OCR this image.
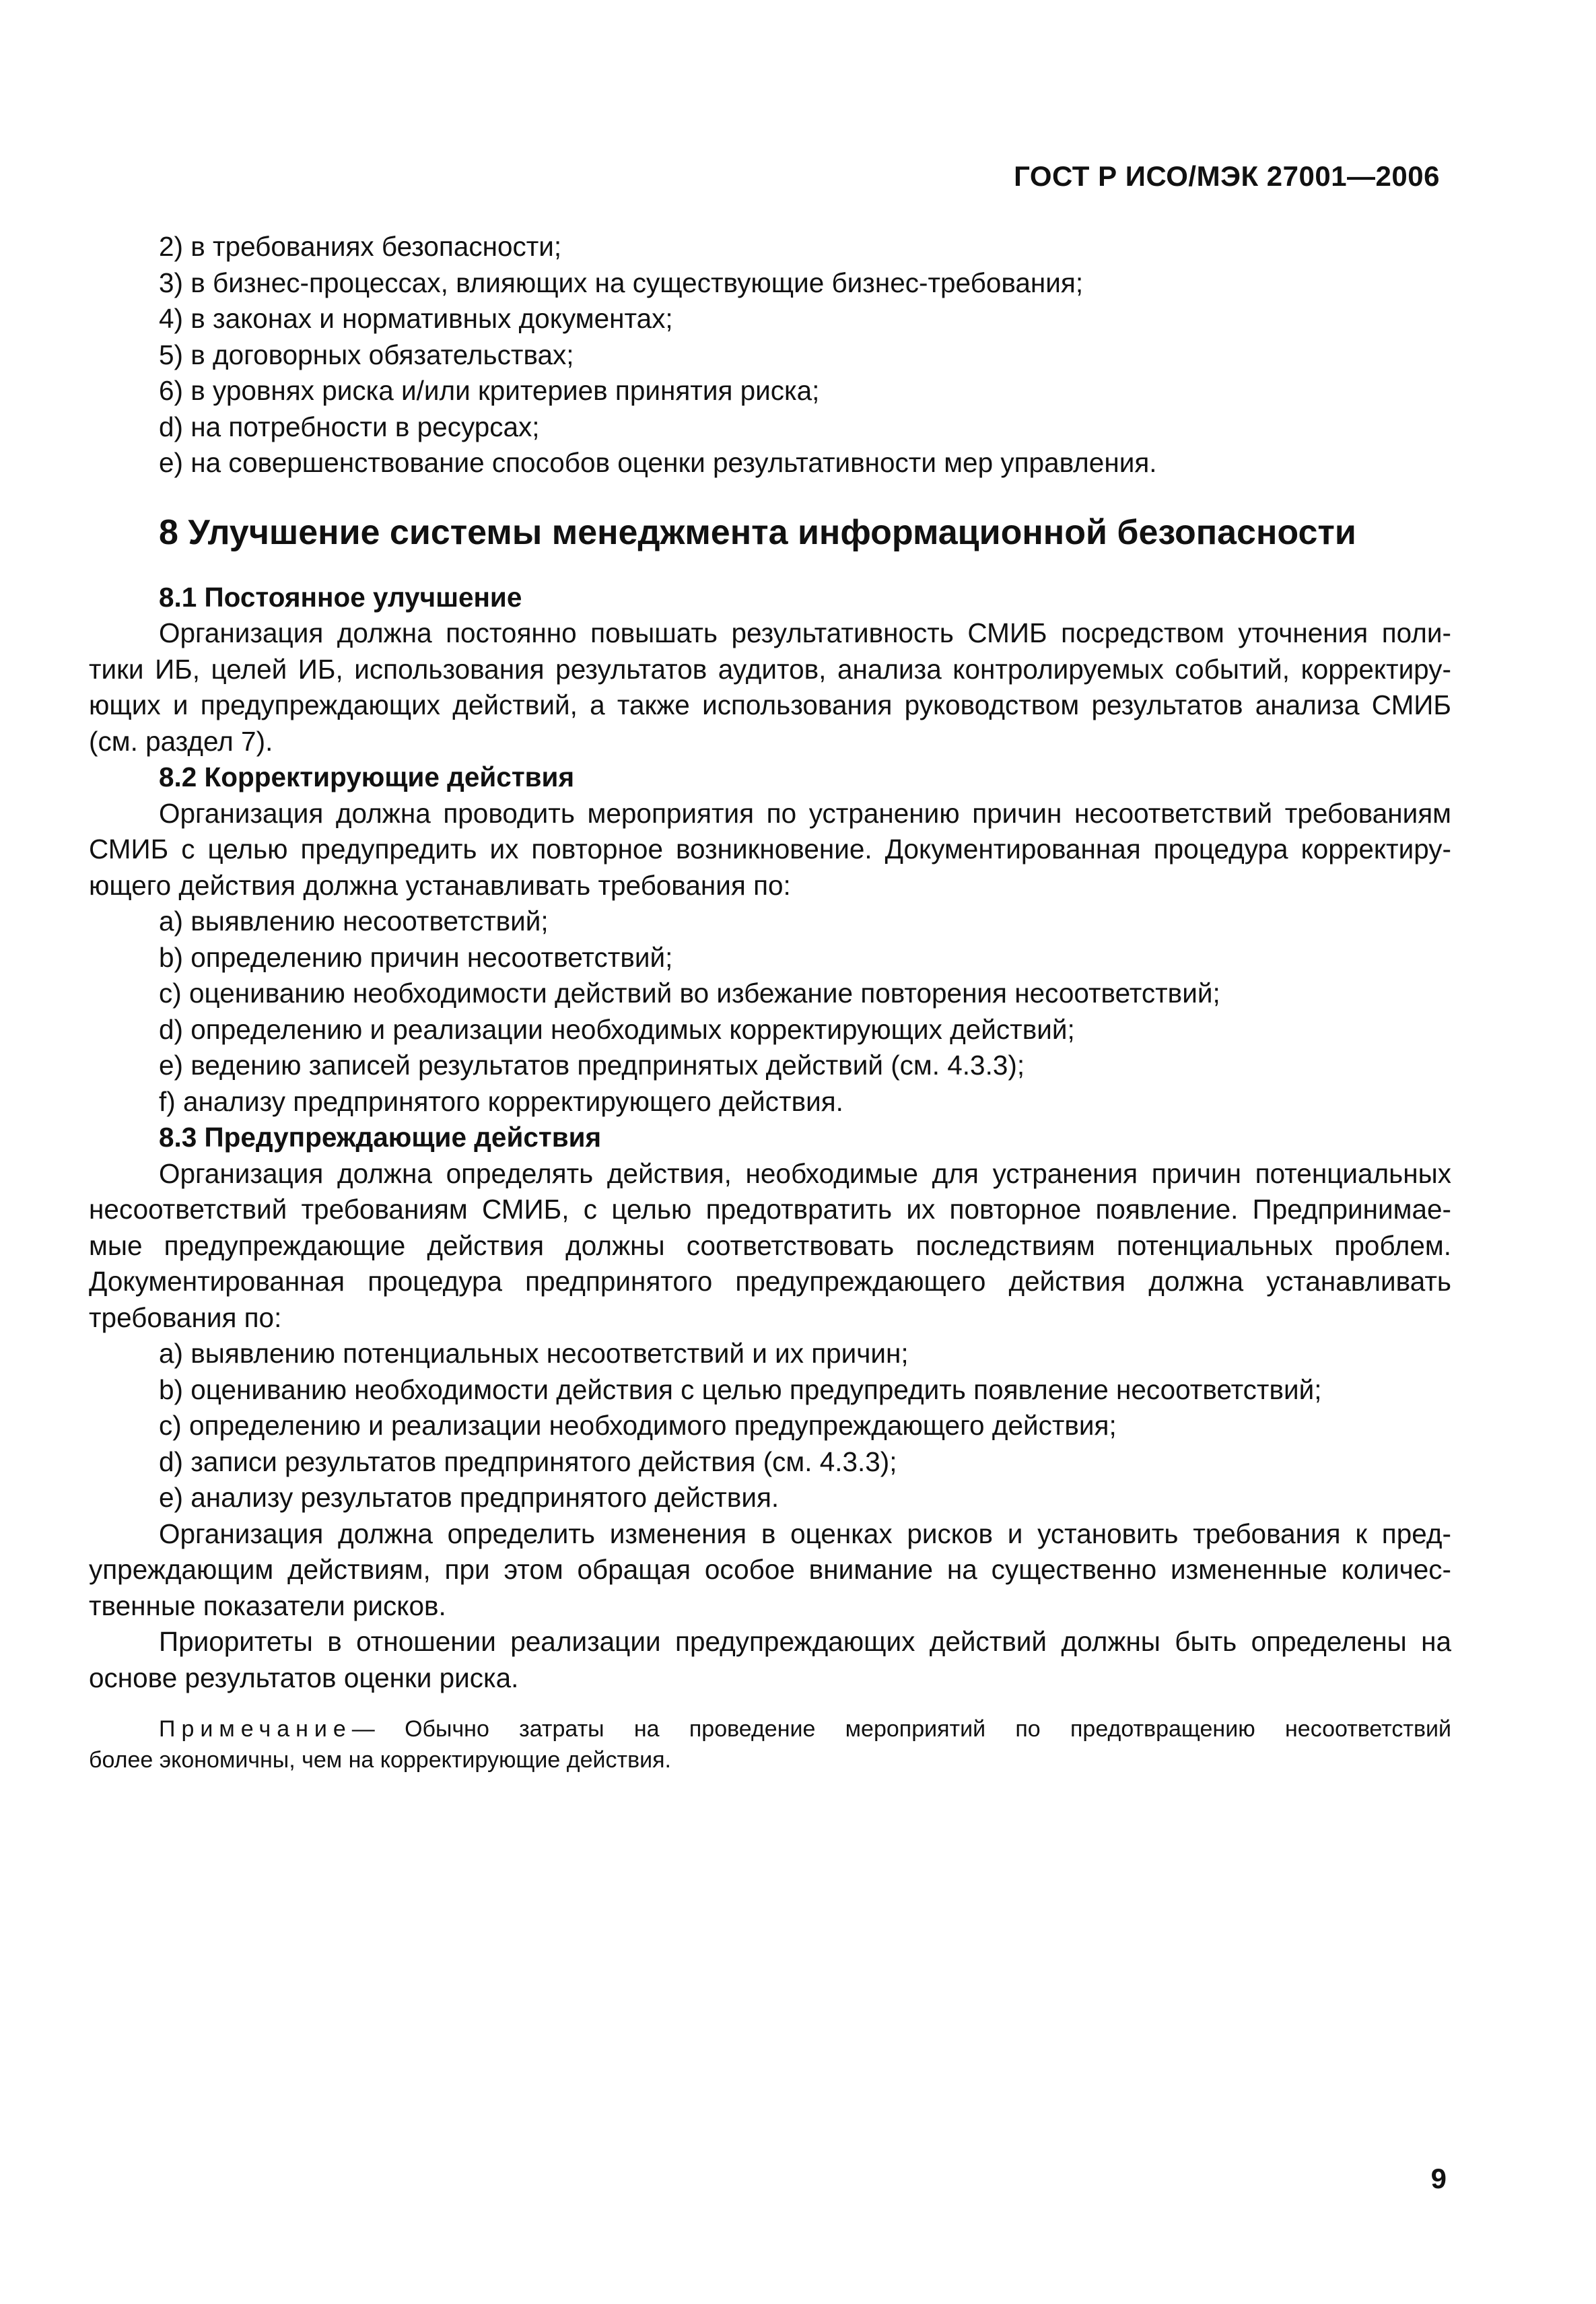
ГОСТ Р ИСО/МЭК 27001—2006

2) в требованиях безопасности;

3) в бизнес-процессах, влияющих на существующие бизнес-требования;

4) в законах и нормативных документах;

5) в договорных обязательствах;

6) в уровнях риска и/или критериев принятия риска;

d) на потребности в ресурсах;

e) на совершенствование способов оценки результативности мер управления.

8 Улучшение системы менеджмента информационной безопасности

8.1 Постоянное улучшение

Организация должна постоянно повышать результативность СМИБ посредством уточнения поли-

тики ИБ, целей ИБ, использования результатов аудитов, анализа контролируемых событий, корректиру-

ющих и предупреждающих действий, а также использования руководством результатов анализа СМИБ

(см. раздел 7).

8.2 Корректирующие действия

Организация должна проводить мероприятия по устранению причин несоответствий требованиям

СМИБ с целью предупредить их повторное возникновение. Документированная процедура корректиру-

ющего действия должна устанавливать требования по:

a) выявлению несоответствий;

b) определению причин несоответствий;

c) оцениванию необходимости действий во избежание повторения несоответствий;

d) определению и реализации необходимых корректирующих действий;

e) ведению записей результатов предпринятых действий (см. 4.3.3);

f) анализу предпринятого корректирующего действия.

8.3 Предупреждающие действия

Организация должна определять действия, необходимые для устранения причин потенциальных

несоответствий требованиям СМИБ, с целью предотвратить их повторное появление. Предпринимае-

мые предупреждающие действия должны соответствовать последствиям потенциальных проблем.

Документированная процедура предпринятого предупреждающего действия должна устанавливать

требования по:

a) выявлению потенциальных несоответствий и их причин;

b) оцениванию необходимости действия с целью предупредить появление несоответствий;

c) определению и реализации необходимого предупреждающего действия;

d) записи результатов предпринятого действия (см. 4.3.3);

e) анализу результатов предпринятого действия.

Организация должна определить изменения в оценках рисков и установить требования к пред-

упреждающим действиям, при этом обращая особое внимание на существенно измененные количес-

твенные показатели рисков.

Приоритеты в отношении реализации предупреждающих действий должны быть определены на

основе результатов оценки риска.

Примечание— Обычно затраты на проведение мероприятий по предотвращению несоответствий

более экономичны, чем на корректирующие действия.

9
